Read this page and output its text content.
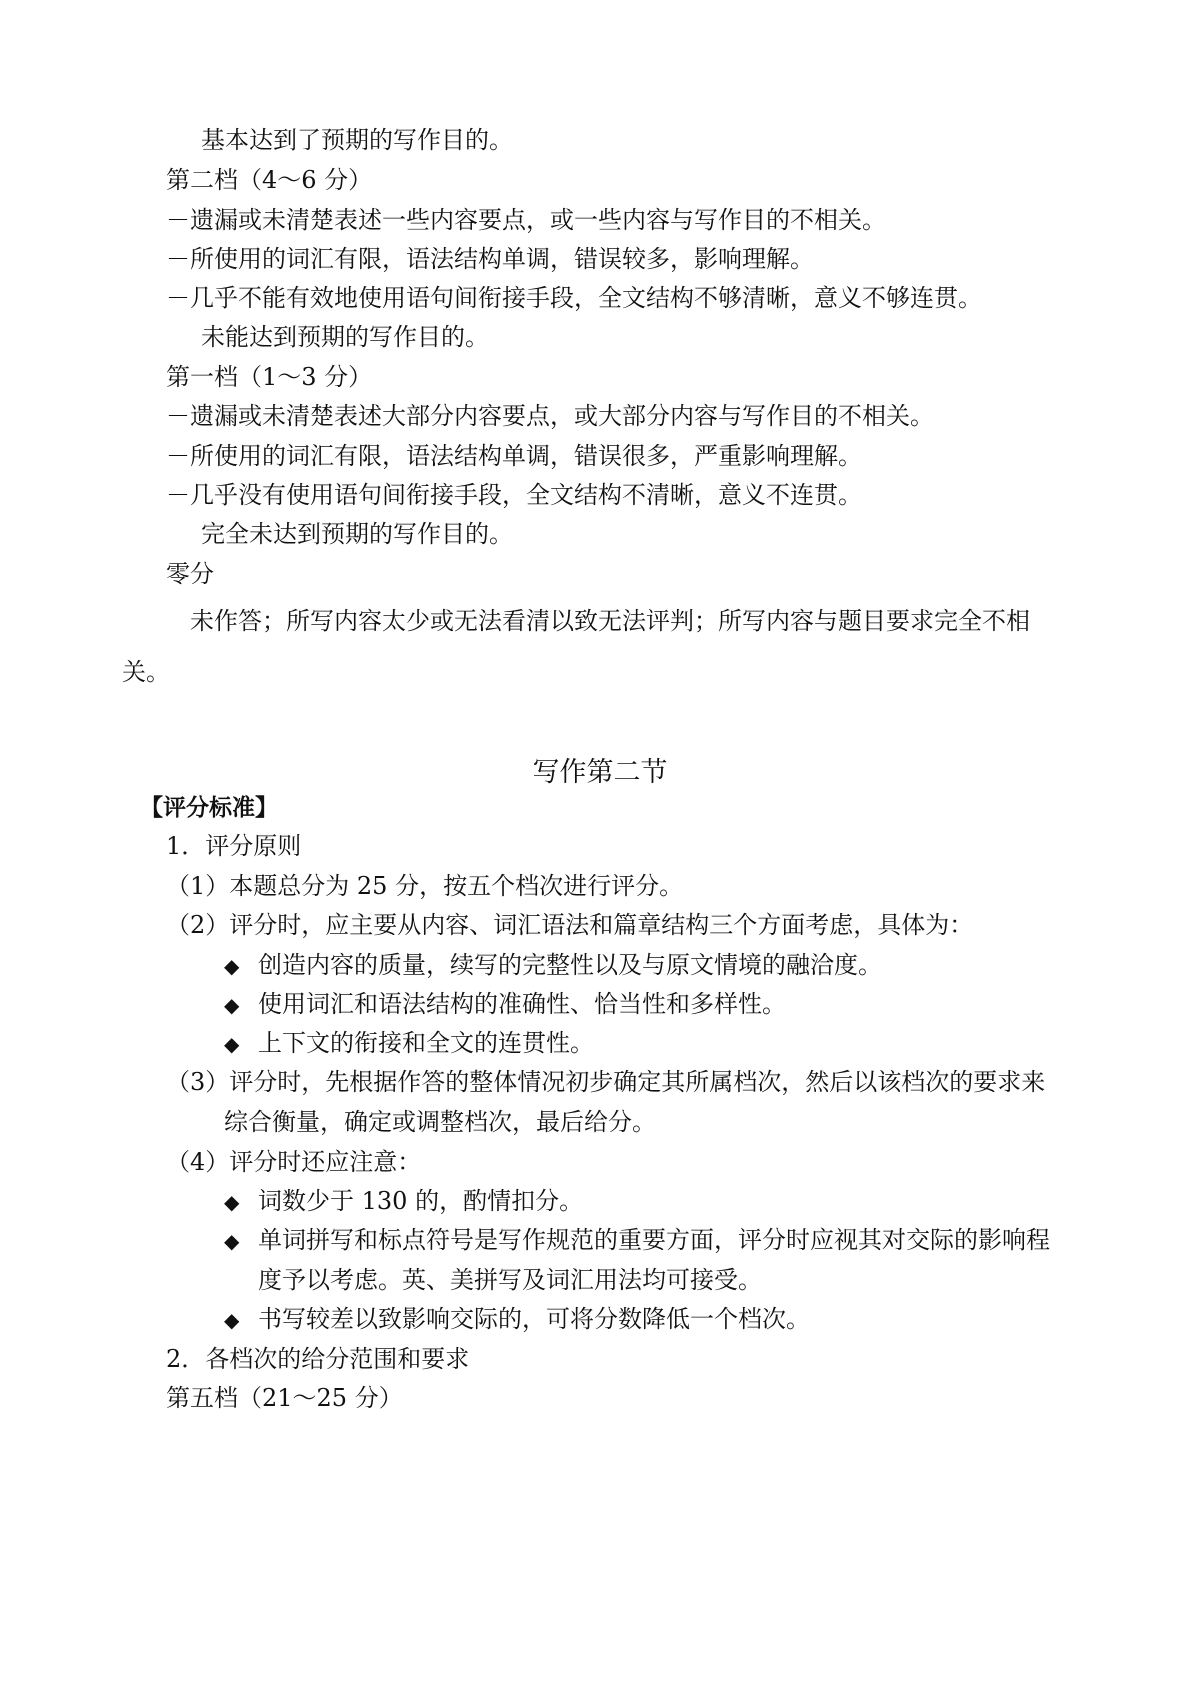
基本达到了预期的写作目的。
第二档（4～6 分）
－遗漏或未清楚表述一些内容要点，或一些内容与写作目的不相关。
－所使用的词汇有限，语法结构单调，错误较多，影响理解。
－几乎不能有效地使用语句间衔接手段，全文结构不够清晰，意义不够连贯。
未能达到预期的写作目的。
第一档（1～3 分）
－遗漏或未清楚表述大部分内容要点，或大部分内容与写作目的不相关。
－所使用的词汇有限，语法结构单调，错误很多，严重影响理解。
－几乎没有使用语句间衔接手段，全文结构不清晰，意义不连贯。
完全未达到预期的写作目的。
零分
未作答；所写内容太少或无法看清以致无法评判；所写内容与题目要求完全不相
关。
写作第二节
【评分标准】
1．评分原则
（1）本题总分为 25 分，按五个档次进行评分。
（2）评分时，应主要从内容、词汇语法和篇章结构三个方面考虑，具体为：
◆ 创造内容的质量，续写的完整性以及与原文情境的融洽度。
◆ 使用词汇和语法结构的准确性、恰当性和多样性。
◆ 上下文的衔接和全文的连贯性。
（3）评分时，先根据作答的整体情况初步确定其所属档次，然后以该档次的要求来
综合衡量，确定或调整档次，最后给分。
（4）评分时还应注意：
◆ 词数少于 130 的，酌情扣分。
◆ 单词拼写和标点符号是写作规范的重要方面，评分时应视其对交际的影响程
度予以考虑。英、美拼写及词汇用法均可接受。
◆ 书写较差以致影响交际的，可将分数降低一个档次。
2．各档次的给分范围和要求
第五档（21～25 分）
